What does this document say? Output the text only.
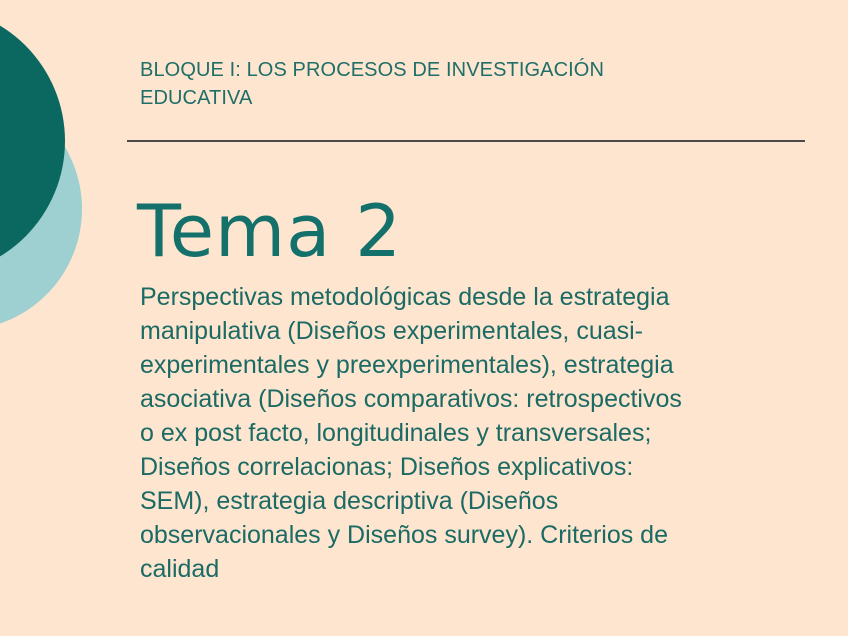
BLOQUE I: LOS PROCESOS DE INVESTIGACIÓN
EDUCATIVA
Tema 2
Perspectivas metodológicas desde la estrategia
manipulativa (Diseños experimentales, cuasi-
experimentales y preexperimentales), estrategia
asociativa (Diseños comparativos: retrospectivos
o ex post facto, longitudinales y transversales;
Diseños correlacionas; Diseños explicativos:
SEM), estrategia descriptiva (Diseños
observacionales y Diseños survey). Criterios de
calidad
